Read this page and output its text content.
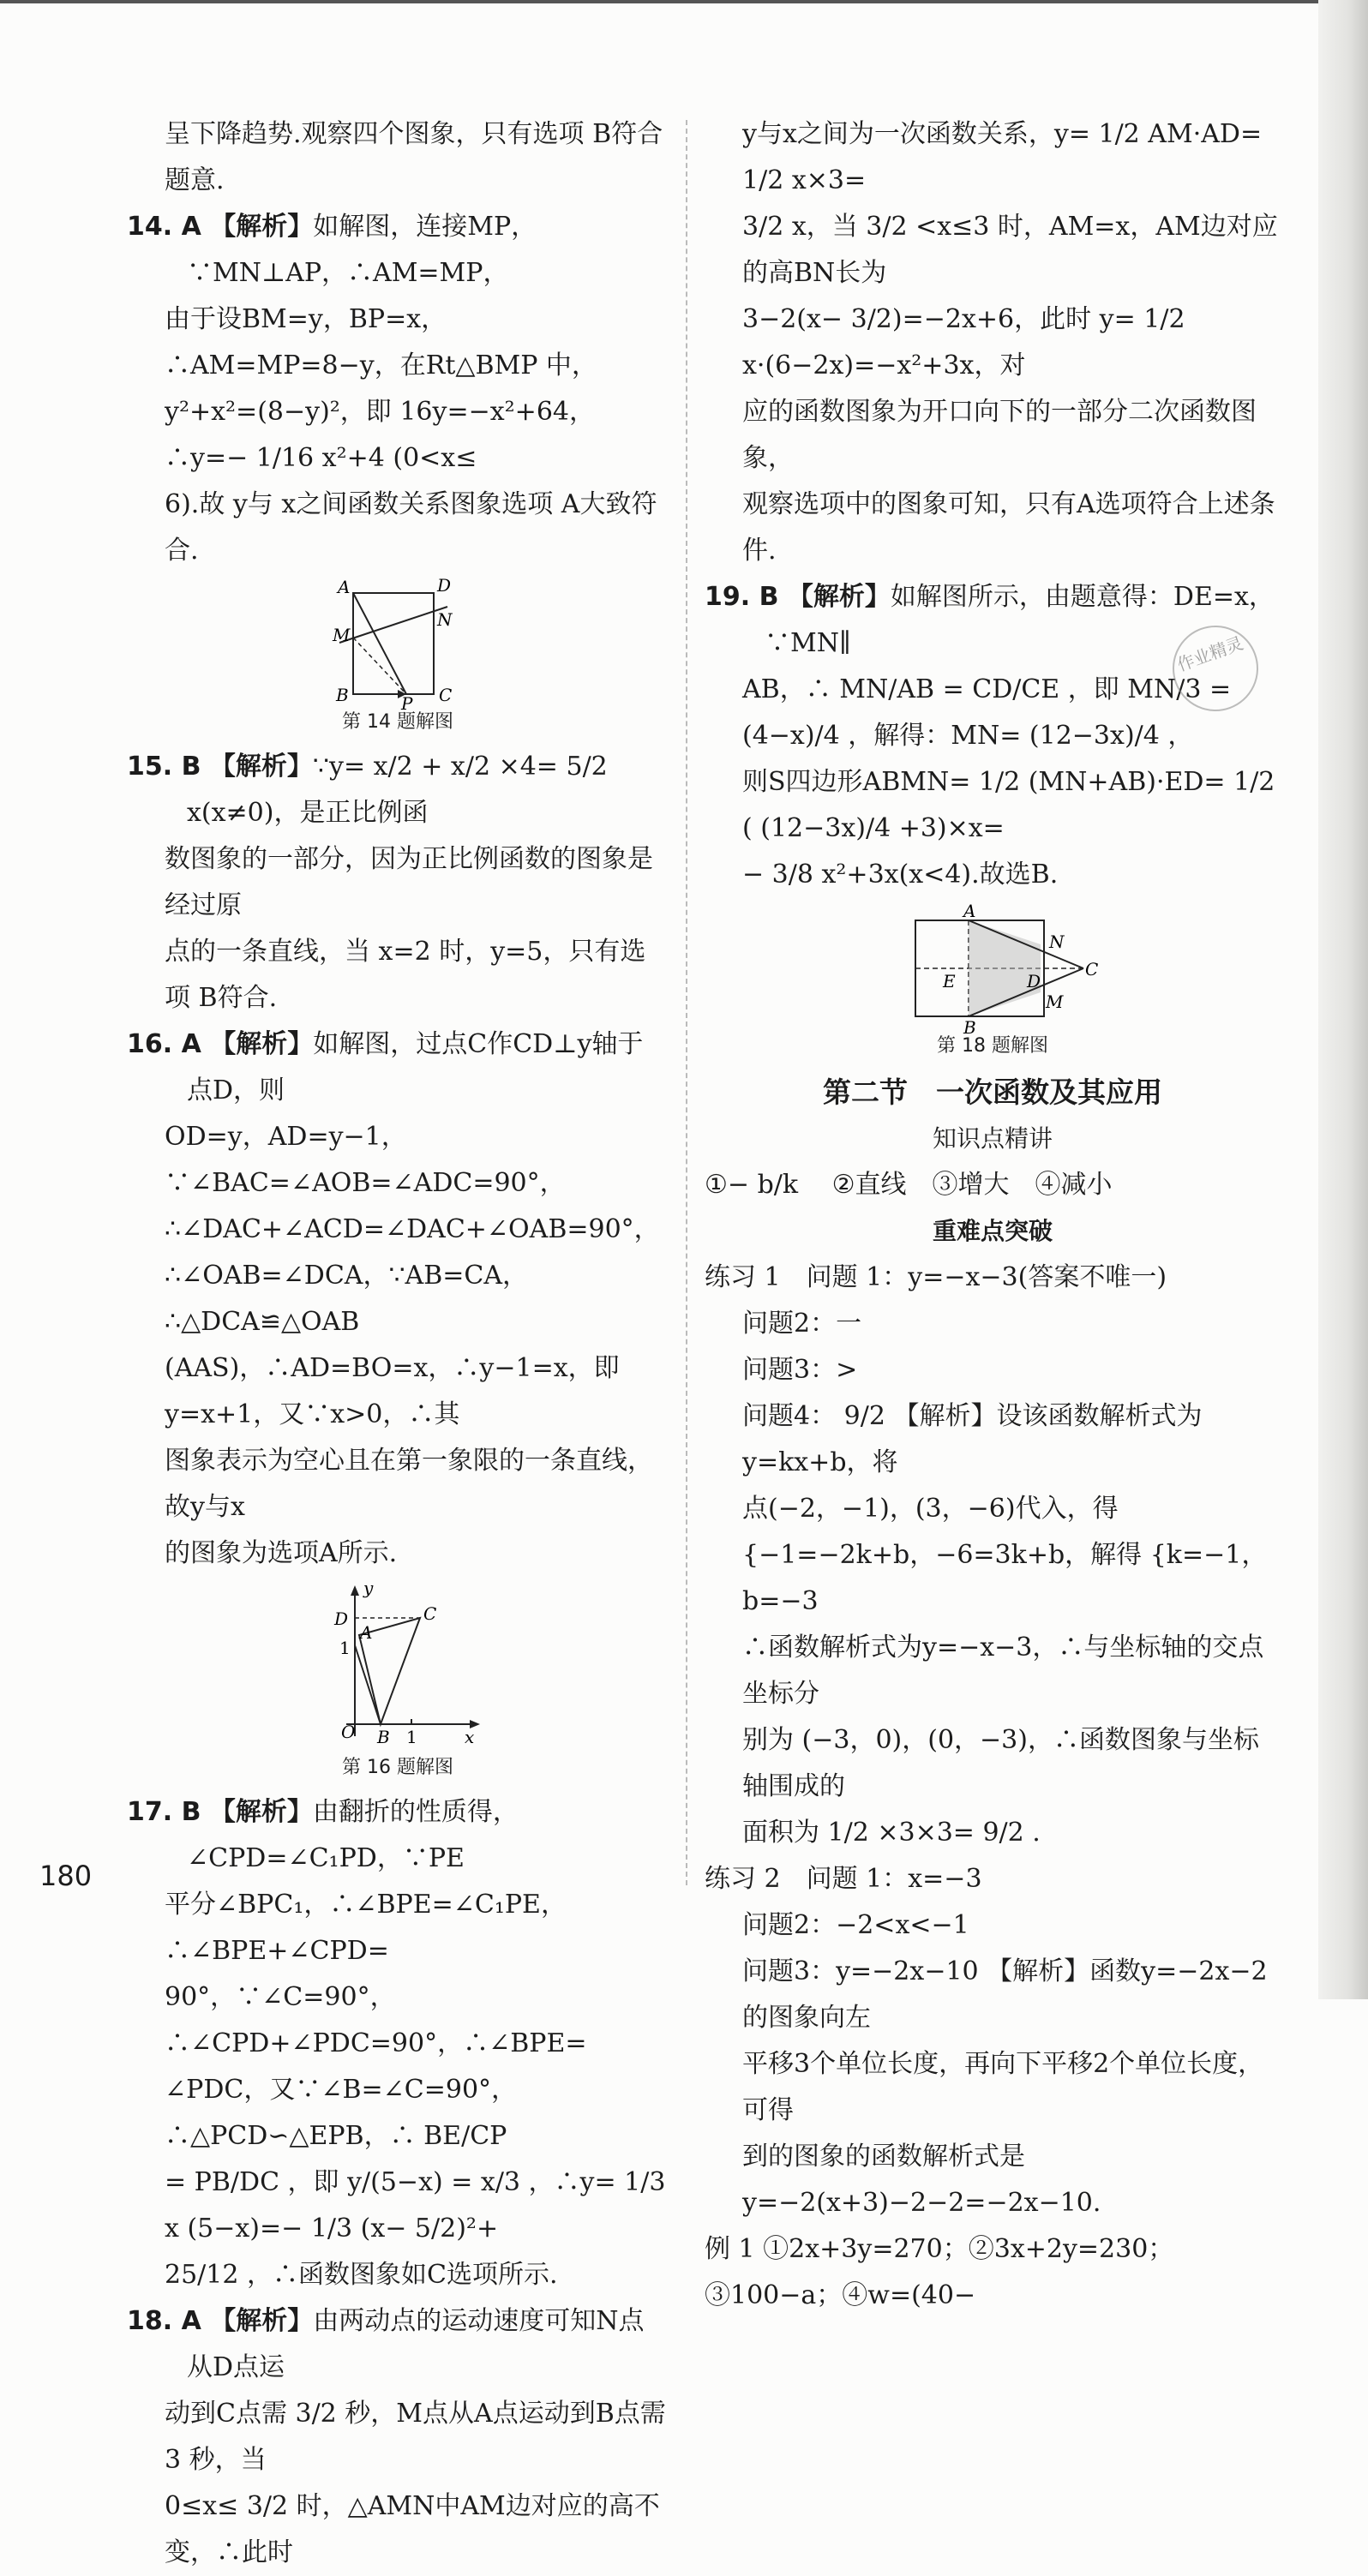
呈下降趋势.观察四个图象，只有选项 B符合题意.

14. A 【解析】如解图，连接MP，∵MN⊥AP，∴AM=MP，

由于设BM=y，BP=x，∴AM=MP=8−y，在Rt△BMP 中，

y²+x²=(8−y)²，即 16y=−x²+64，∴y=− 1/16 x²+4 (0<x≤

6).故 y与 x之间函数关系图象选项 A大致符合.

A	D
M
N
B	P C
第 14 题解图

15. B 【解析】∵y= x/2 + x/2 ×4= 5/2 x(x≠0)，是正比例函

数图象的一部分，因为正比例函数的图象是经过原

点的一条直线，当 x=2 时，y=5，只有选项 B符合.

16. A 【解析】如解图，过点C作CD⊥y轴于点D，则

OD=y，AD=y−1，∵∠BAC=∠AOB=∠ADC=90°，

∴∠DAC+∠ACD=∠DAC+∠OAB=90°，

∴∠OAB=∠DCA，∵AB=CA，∴△DCA≌△OAB

(AAS)，∴AD=BO=x，∴y−1=x，即y=x+1，又∵x>0，∴其

图象表示为空心且在第一象限的一条直线，故y与x

的图象为选项A所示.

y
D
A
C
1
O B 1	x
第 16 题解图

17. B 【解析】由翻折的性质得，∠CPD=∠C₁PD，∵PE

平分∠BPC₁，∴∠BPE=∠C₁PE，∴∠BPE+∠CPD=

90°，∵∠C=90°，∴∠CPD+∠PDC=90°，∴∠BPE=

∠PDC，又∵∠B=∠C=90°，∴△PCD∽△EPB，∴ BE/CP

= PB/DC ，即 y/(5−x) = x/3 ，∴y= 1/3 x (5−x)=− 1/3 (x− 5/2)²+

25/12 ，∴函数图象如C选项所示.

18. A 【解析】由两动点的运动速度可知N点从D点运

动到C点需 3/2 秒，M点从A点运动到B点需 3 秒，当

0≤x≤ 3/2 时，△AMN中AM边对应的高不变，∴此时

y与x之间为一次函数关系，y= 1/2 AM·AD= 1/2 x×3=

3/2 x，当 3/2 <x≤3 时，AM=x，AM边对应的高BN长为

3−2(x− 3/2)=−2x+6，此时 y= 1/2 x·(6−2x)=−x²+3x，对

应的函数图象为开口向下的一部分二次函数图象，

观察选项中的图象可知，只有A选项符合上述条件.

19. B 【解析】如解图所示，由题意得：DE=x，∵MN∥

AB，∴ MN/AB = CD/CE ，即 MN/3 = (4−x)/4 ，解得：MN= (12−3x)/4 ，

则S四边形ABMN= 1/2 (MN+AB)·ED= 1/2 ( (12−3x)/4 +3)×x=

− 3/8 x²+3x(x<4).故选B.

A
N
E	D
C
M
B
第 18 题解图
第二节　一次函数及其应用
知识点精讲

①− b/k 　②直线　③增大　④减小

重难点突破

练习 1　问题 1：y=−x−3(答案不唯一)

问题2：一

问题3：>

问题4： 9/2 【解析】设该函数解析式为y=kx+b，将

点(−2，−1)，(3，−6)代入，得 {−1=−2k+b，−6=3k+b，解得 {k=−1，b=−3

∴函数解析式为y=−x−3，∴与坐标轴的交点坐标分

别为 (−3，0)，(0，−3)，∴函数图象与坐标轴围成的

面积为 1/2 ×3×3= 9/2 .

练习 2　问题 1：x=−3

问题2：−2<x<−1

问题3：y=−2x−10 【解析】函数y=−2x−2的图象向左

平移3个单位长度，再向下平移2个单位长度，可得

到的图象的函数解析式是y=−2(x+3)−2−2=−2x−10.

例 1 ①2x+3y=270；②3x+2y=230；③100−a；④w=(40−

作业精灵
180
